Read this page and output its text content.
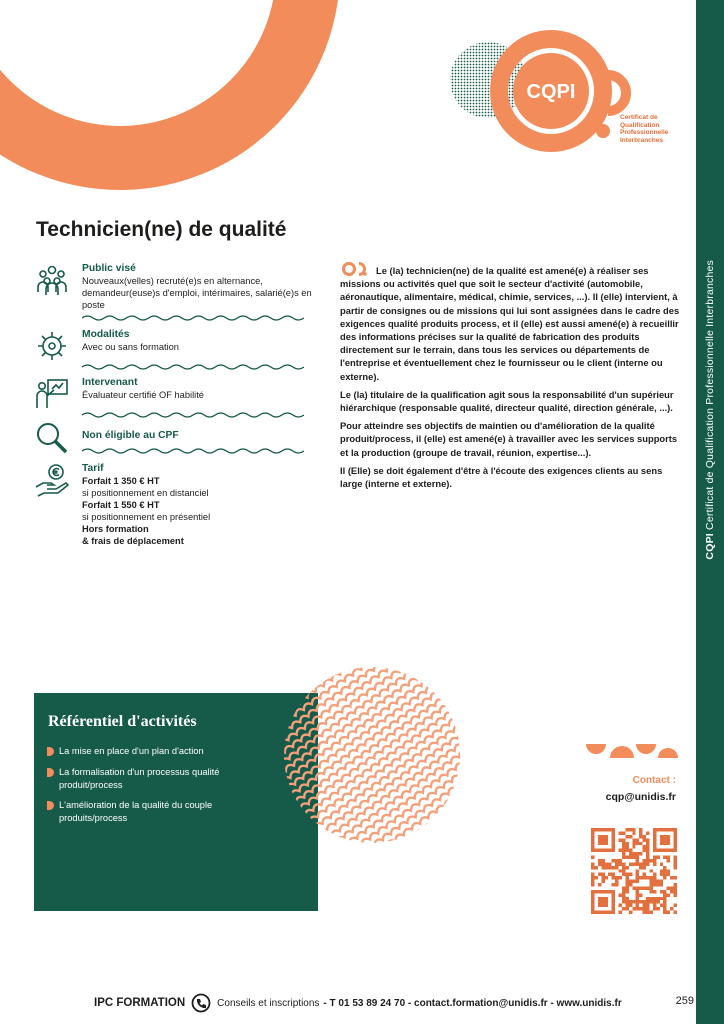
CQPI Certificat de Qualification Professionnelle Interbranches
CQPI
Certificat de
Qualification
Professionnelle
Interbranches
Technicien(ne) de qualité
Public visé
Nouveaux(velles) recruté(e)s en alternance, demandeur(euse)s d'emploi, intérimaires, salarié(e)s en poste
Modalités
Avec ou sans formation
Intervenant
Évaluateur certifié OF habilité
Non éligible au CPF
Tarif
Forfait 1 350 € HT
si positionnement en distanciel
Forfait 1 550 € HT
si positionnement en présentiel
Hors formation
& frais de déplacement

Le (la) technicien(ne) de la qualité est amené(e) à réaliser ses missions ou activités quel que soit le secteur d'activité (automobile, aéronautique, alimentaire, médical, chimie, services, ...). Il (elle) intervient, à partir de consignes ou de missions qui lui sont assignées dans le cadre des exigences qualité produits process, et il (elle) est aussi amené(e) à recueillir des informations précises sur la qualité de fabrication des produits directement sur le terrain, dans tous les services ou départements de l'entreprise et éventuellement chez le fournisseur ou le client (interne ou externe).

Le (la) titulaire de la qualification agit sous la responsabilité d'un supérieur hiérarchique (responsable qualité, directeur qualité, direction générale, ...).

Pour atteindre ses objectifs de maintien ou d'amélioration de la qualité produit/process, il (elle) est amené(e) à travailler avec les services supports et la production (groupe de travail, réunion, expertise...).

Il (Elle) se doit également d'être à l'écoute des exigences clients au sens large (interne et externe).

Référentiel d'activités
La mise en place d'un plan d'action
La formalisation d'un processus qualité produit/process
L'amélioration de la qualité du couple produits/process
Contact :
cqp@unidis.fr
IPC FORMATION	Conseils et inscriptions - T 01 53 89 24 70 - contact.formation@unidis.fr - www.unidis.fr	259
